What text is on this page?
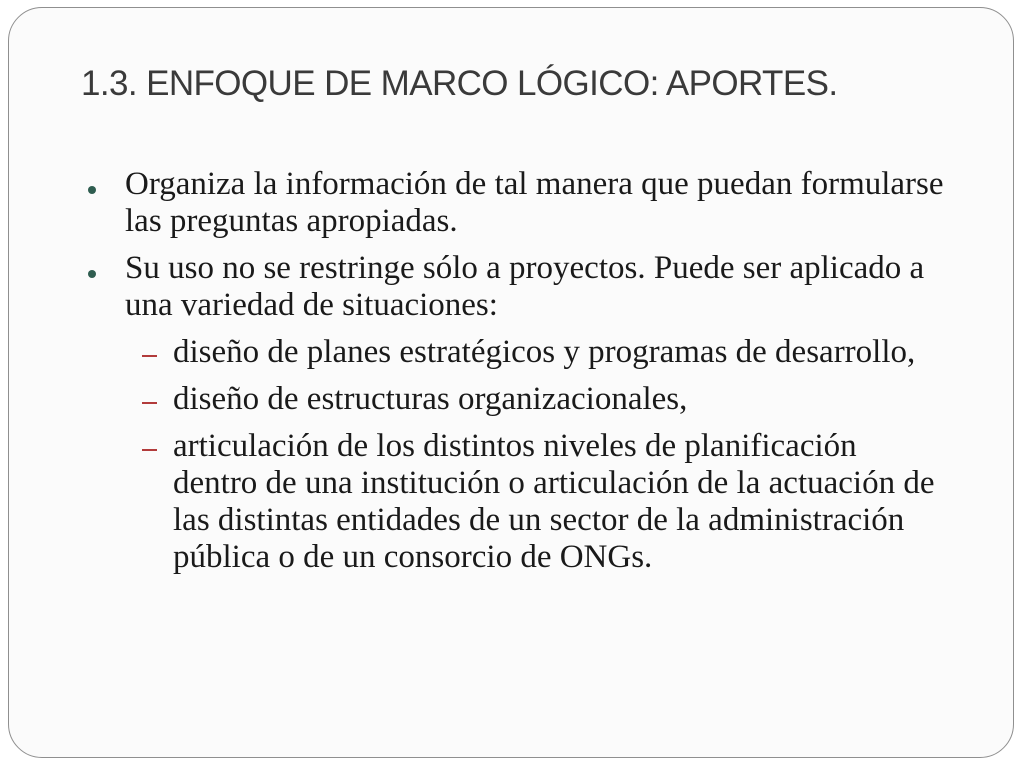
1.3. ENFOQUE DE MARCO LÓGICO: APORTES.
Organiza la información de tal manera que puedan formularse las preguntas apropiadas.
Su uso no se restringe sólo a proyectos. Puede ser aplicado a una variedad de situaciones:
diseño de planes estratégicos y programas de desarrollo,
diseño de estructuras organizacionales,
articulación de los distintos niveles de planificación dentro de una institución o articulación de la actuación de las distintas entidades de un sector de la administración pública o de un consorcio de ONGs.
